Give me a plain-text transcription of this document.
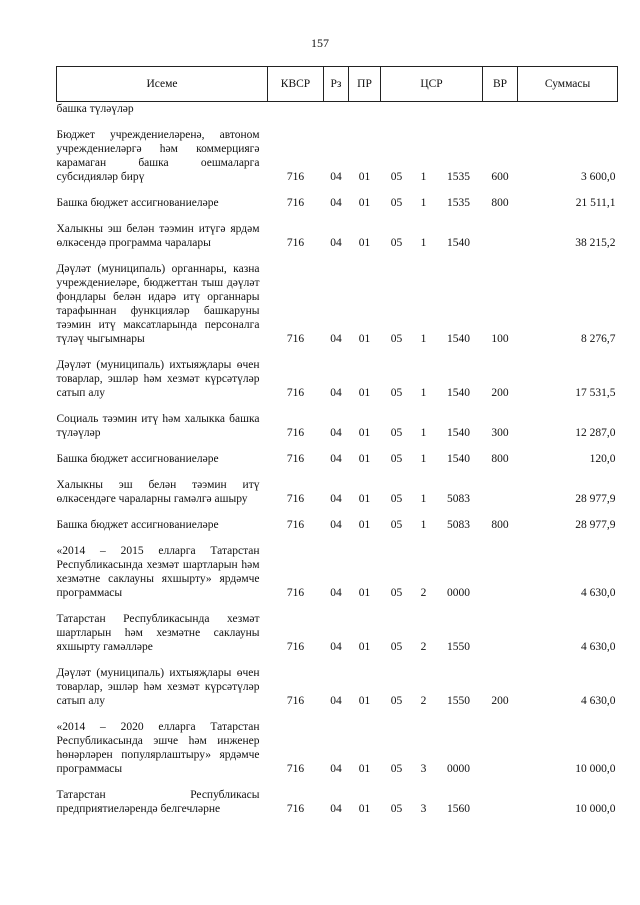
157
Исеме	КВСР	Рз	ПР	ЦСР			ВР	Суммасы
башка түләүләр								

Бюджет учреждениеләренә, автоном учреждениеләргә һәм коммерциягә карамаган башка оешмаларга субсидияләр бирү	716	04	01	05	1	1535	600	3 600,0

Башка бюджет ассигнованиеләре	716	04	01	05	1	1535	800	21 511,1

Халыкны эш белән тәэмин итүгә ярдәм өлкәсендә программа чаралары	716	04	01	05	1	1540		38 215,2

Дәүләт (муниципаль) органнары, казна учреждениеләре, бюджеттан тыш дәүләт фондлары белән идарә итү органнары тарафыннан функцияләр башкаруны тәэмин итү максатларында персоналга түләү чыгымнары	716	04	01	05	1	1540	100	8 276,7

Дәүләт (муниципаль) ихтыяҗлары өчен товарлар, эшләр һәм хезмәт күрсәтүләр сатып алу	716	04	01	05	1	1540	200	17 531,5

Социаль тәэмин итү һәм халыкка башка түләүләр	716	04	01	05	1	1540	300	12 287,0

Башка бюджет ассигнованиеләре	716	04	01	05	1	1540	800	120,0

Халыкны эш белән тәэмин итү өлкәсендәге чараларны гамәлгә ашыру	716	04	01	05	1	5083		28 977,9

Башка бюджет ассигнованиеләре	716	04	01	05	1	5083	800	28 977,9

«2014 – 2015 елларга Татарстан Республикасында хезмәт шартларын һәм хезмәтне саклауны яхшырту» ярдәмче программасы	716	04	01	05	2	0000		4 630,0

Татарстан Республикасында хезмәт шартларын һәм хезмәтне саклауны яхшырту гамәлләре	716	04	01	05	2	1550		4 630,0

Дәүләт (муниципаль) ихтыяҗлары өчен товарлар, эшләр һәм хезмәт күрсәтүләр сатып алу	716	04	01	05	2	1550	200	4 630,0

«2014 – 2020 елларга Татарстан Республикасында эшче һәм инженер һөнәрләрен популярлаштыру» ярдәмче программасы	716	04	01	05	3	0000		10 000,0

Татарстан Республикасы предприятиеләрендә белгечләрне	716	04	01	05	3	1560		10 000,0
